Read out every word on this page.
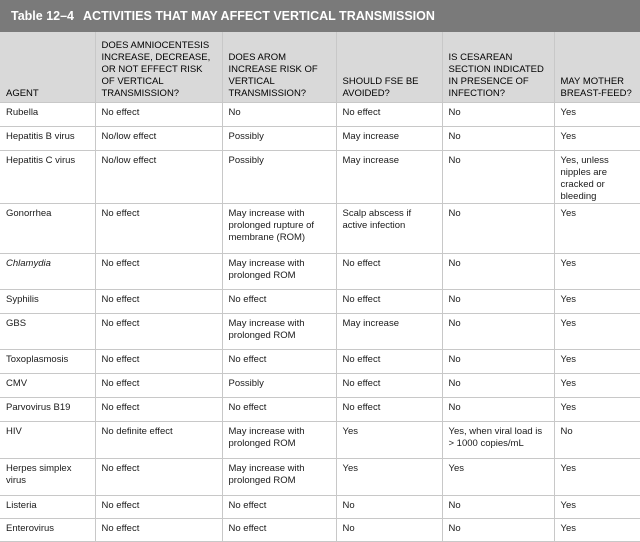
Table 12–4 ACTIVITIES THAT MAY AFFECT VERTICAL TRANSMISSION
AGENT	DOES AMNIOCENTESIS INCREASE, DECREASE, OR NOT EFFECT RISK OF VERTICAL TRANSMISSION?	DOES AROM INCREASE RISK OF VERTICAL TRANSMISSION?	SHOULD FSE BE AVOIDED?	IS CESAREAN SECTION INDICATED IN PRESENCE OF INFECTION?	MAY MOTHER BREAST-FEED?
Rubella	No effect	No	No effect	No	Yes
Hepatitis B virus	No/low effect	Possibly	May increase	No	Yes
Hepatitis C virus	No/low effect	Possibly	May increase	No	Yes, unless nipples are cracked or bleeding
Gonorrhea	No effect	May increase with prolonged rupture of membrane (ROM)	Scalp abscess if active infection	No	Yes
Chlamydia	No effect	May increase with prolonged ROM	No effect	No	Yes
Syphilis	No effect	No effect	No effect	No	Yes
GBS	No effect	May increase with prolonged ROM	May increase	No	Yes
Toxoplasmosis	No effect	No effect	No effect	No	Yes
CMV	No effect	Possibly	No effect	No	Yes
Parvovirus B19	No effect	No effect	No effect	No	Yes
HIV	No definite effect	May increase with prolonged ROM	Yes	Yes, when viral load is > 1000 copies/mL	No
Herpes simplex virus	No effect	May increase with prolonged ROM	Yes	Yes	Yes
Listeria	No effect	No effect	No	No	Yes
Enterovirus	No effect	No effect	No	No	Yes
